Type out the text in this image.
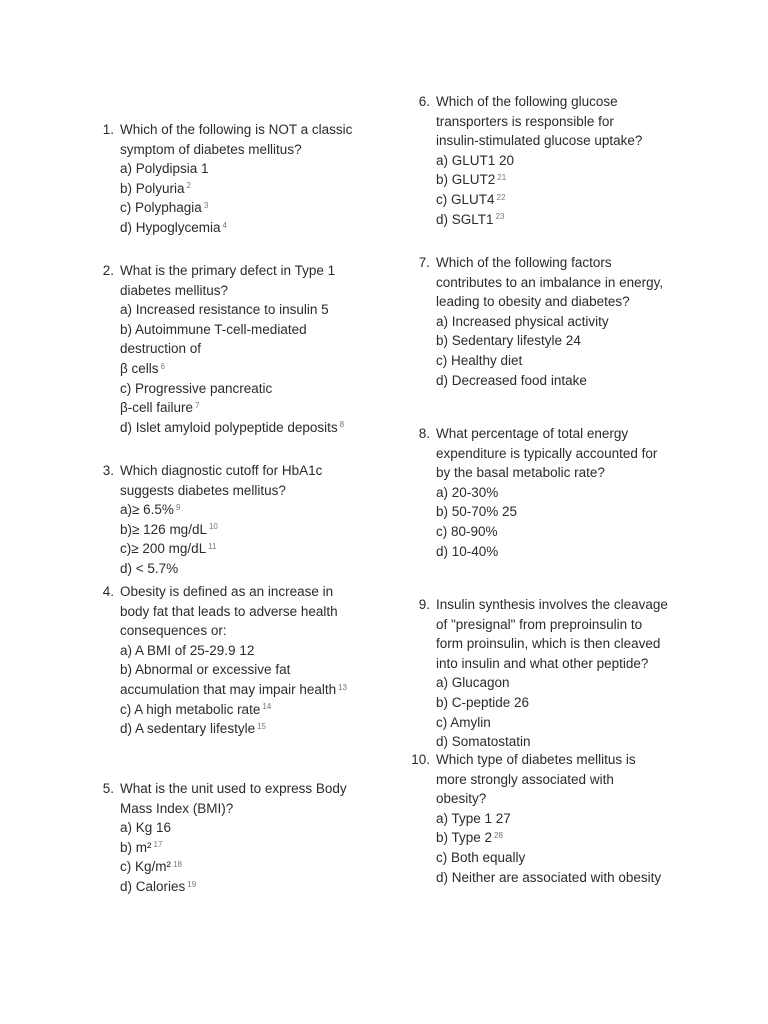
1. Which of the following is NOT a classic
symptom of diabetes mellitus?
a) Polydipsia 1
b) Polyuria $^2$
c) Polyphagia $^3$
d) Hypoglycemia $^4$
2. What is the primary defect in Type 1
diabetes mellitus?
a) Increased resistance to insulin 5
b) Autoimmune T-cell-mediated
destruction of
β cells $^6$
c) Progressive pancreatic
β-cell failure $^7$
d) Islet amyloid polypeptide deposits $^8$
3. Which diagnostic cutoff for HbA1c
suggests diabetes mellitus?
a)≥ 6.5% $^9$
b)≥ 126 mg/dL $^{10}$
c)≥ 200 mg/dL $^{11}$
d) < 5.7%
4. Obesity is defined as an increase in
body fat that leads to adverse health
consequences or:
a) A BMI of 25-29.9 12
b) Abnormal or excessive fat
accumulation that may impair health $^{13}$
c) A high metabolic rate $^{14}$
d) A sedentary lifestyle $^{15}$
5. What is the unit used to express Body
Mass Index (BMI)?
a) Kg 16
b) m² $^{17}$
c) Kg/m² $^{18}$
d) Calories $^{19}$
6. Which of the following glucose
transporters is responsible for
insulin-stimulated glucose uptake?
a) GLUT1 20
b) GLUT2 $^{21}$
c) GLUT4 $^{22}$
d) SGLT1 $^{23}$
7. Which of the following factors
contributes to an imbalance in energy,
leading to obesity and diabetes?
a) Increased physical activity
b) Sedentary lifestyle 24
c) Healthy diet
d) Decreased food intake
8. What percentage of total energy
expenditure is typically accounted for
by the basal metabolic rate?
a) 20-30%
b) 50-70% 25
c) 80-90%
d) 10-40%
9. Insulin synthesis involves the cleavage
of "presignal" from preproinsulin to
form proinsulin, which is then cleaved
into insulin and what other peptide?
a) Glucagon
b) C-peptide 26
c) Amylin
d) Somatostatin
10. Which type of diabetes mellitus is
more strongly associated with
obesity?
a) Type 1 27
b) Type 2 $^{28}$
c) Both equally
d) Neither are associated with obesity
